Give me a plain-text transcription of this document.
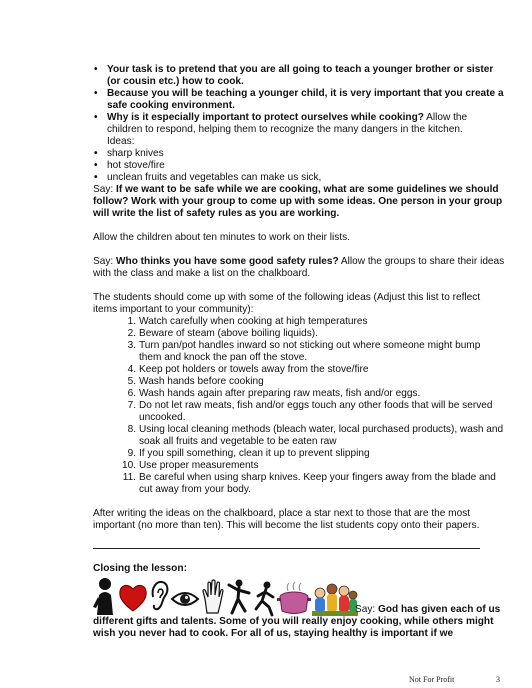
• Your task is to pretend that you are all going to teach a younger brother or sister (or cousin etc.) how to cook.
• Because you will be teaching a younger child, it is very important that you create a safe cooking environment.
• Why is it especially important to protect ourselves while cooking? Allow the children to respond, helping them to recognize the many dangers in the kitchen.
Ideas:
• sharp knives
• hot stove/fire
• unclean fruits and vegetables can make us sick,
Say: If we want to be safe while we are cooking, what are some guidelines we should follow? Work with your group to come up with some ideas. One person in your group will write the list of safety rules as you are working.
Allow the children about ten minutes to work on their lists.
Say: Who thinks you have some good safety rules? Allow the groups to share their ideas with the class and make a list on the chalkboard.
The students should come up with some of the following ideas (Adjust this list to reflect items important to your community):
1. Watch carefully when cooking at high temperatures
2. Beware of steam (above boiling liquids).
3. Turn pan/pot handles inward so not sticking out where someone might bump them and knock the pan off the stove.
4. Keep pot holders or towels away from the stove/fire
5. Wash hands before cooking
6. Wash hands again after preparing raw meats, fish and/or eggs.
7. Do not let raw meats, fish and/or eggs touch any other foods that will be served uncooked.
8. Using local cleaning methods (bleach water, local purchased products), wash and soak all fruits and vegetable to be eaten raw
9. If you spill something, clean it up to prevent slipping
10. Use proper measurements
11. Be careful when using sharp knives. Keep your fingers away from the blade and cut away from your body.
After writing the ideas on the chalkboard, place a star next to those that are the most important (no more than ten). This will become the list students copy onto their papers.
Closing the lesson:
Say: God has given each of us different gifts and talents. Some of you will really enjoy cooking, while others might wish you never had to cook. For all of us, staying healthy is important if we
Not For Profit	3
